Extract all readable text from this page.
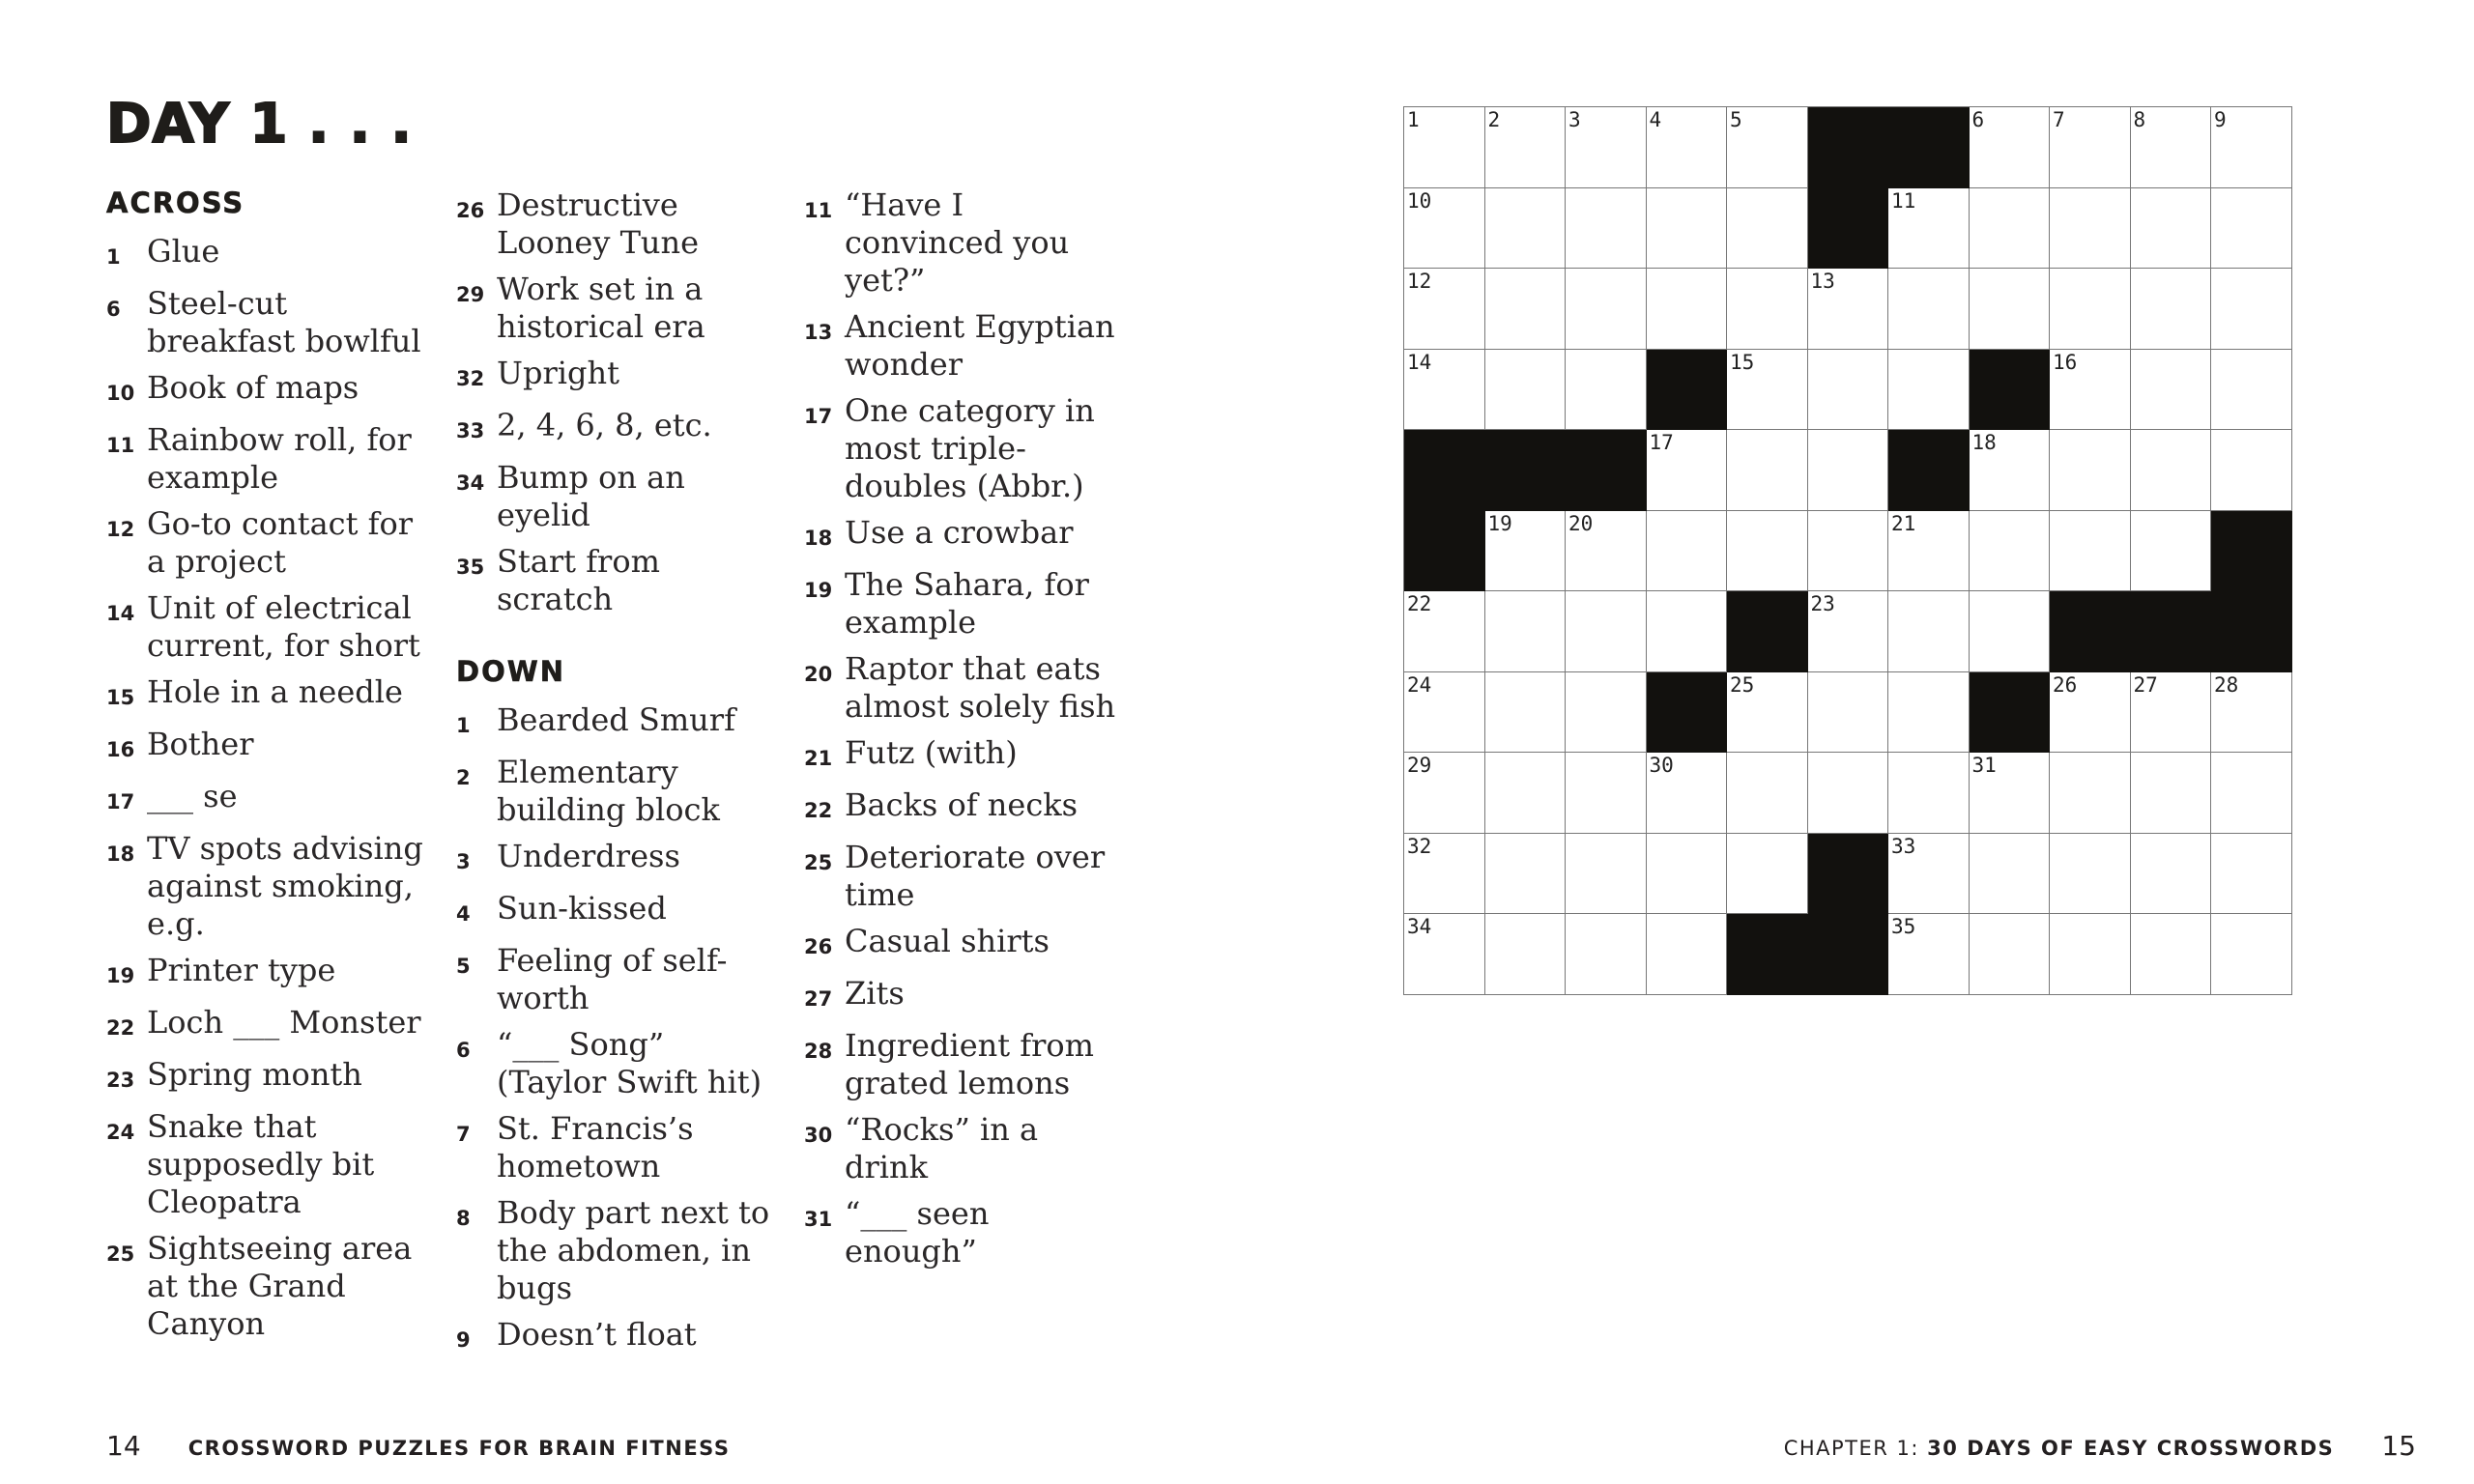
DAY 1 . . .
ACROSS
1 Glue
6 Steel-cut breakfast bowlful
10 Book of maps
11 Rainbow roll, for example
12 Go-to contact for a project
14 Unit of electrical current, for short
15 Hole in a needle
16 Bother
17 ___ se
18 TV spots advising against smoking, e.g.
19 Printer type
22 Loch ___ Monster
23 Spring month
24 Snake that supposedly bit Cleopatra
25 Sightseeing area at the Grand Canyon
26 Destructive Looney Tune
29 Work set in a historical era
32 Upright
33 2, 4, 6, 8, etc.
34 Bump on an eyelid
35 Start from scratch
DOWN
1 Bearded Smurf
2 Elementary building block
3 Underdress
4 Sun-kissed
5 Feeling of self-worth
6 “___ Song” (Taylor Swift hit)
7 St. Francis’s hometown
8 Body part next to the abdomen, in bugs
9 Doesn’t float
11 “Have I convinced you yet?”
13 Ancient Egyptian wonder
17 One category in most triple-doubles (Abbr.)
18 Use a crowbar
19 The Sahara, for example
20 Raptor that eats almost solely fish
21 Futz (with)
22 Backs of necks
25 Deteriorate over time
26 Casual shirts
27 Zits
28 Ingredient from grated lemons
30 “Rocks” in a drink
31 “___ seen enough”
1	2	3	4	5	6	7	8	9
10	11
12	13
14	15	16
17	18
19	20	21
22	23
24	25	26	27	28
29	30	31
32	33
34	35
14 CROSSWORD PUZZLES FOR BRAIN FITNESS	CHAPTER 1: 30 DAYS OF EASY CROSSWORDS 15
